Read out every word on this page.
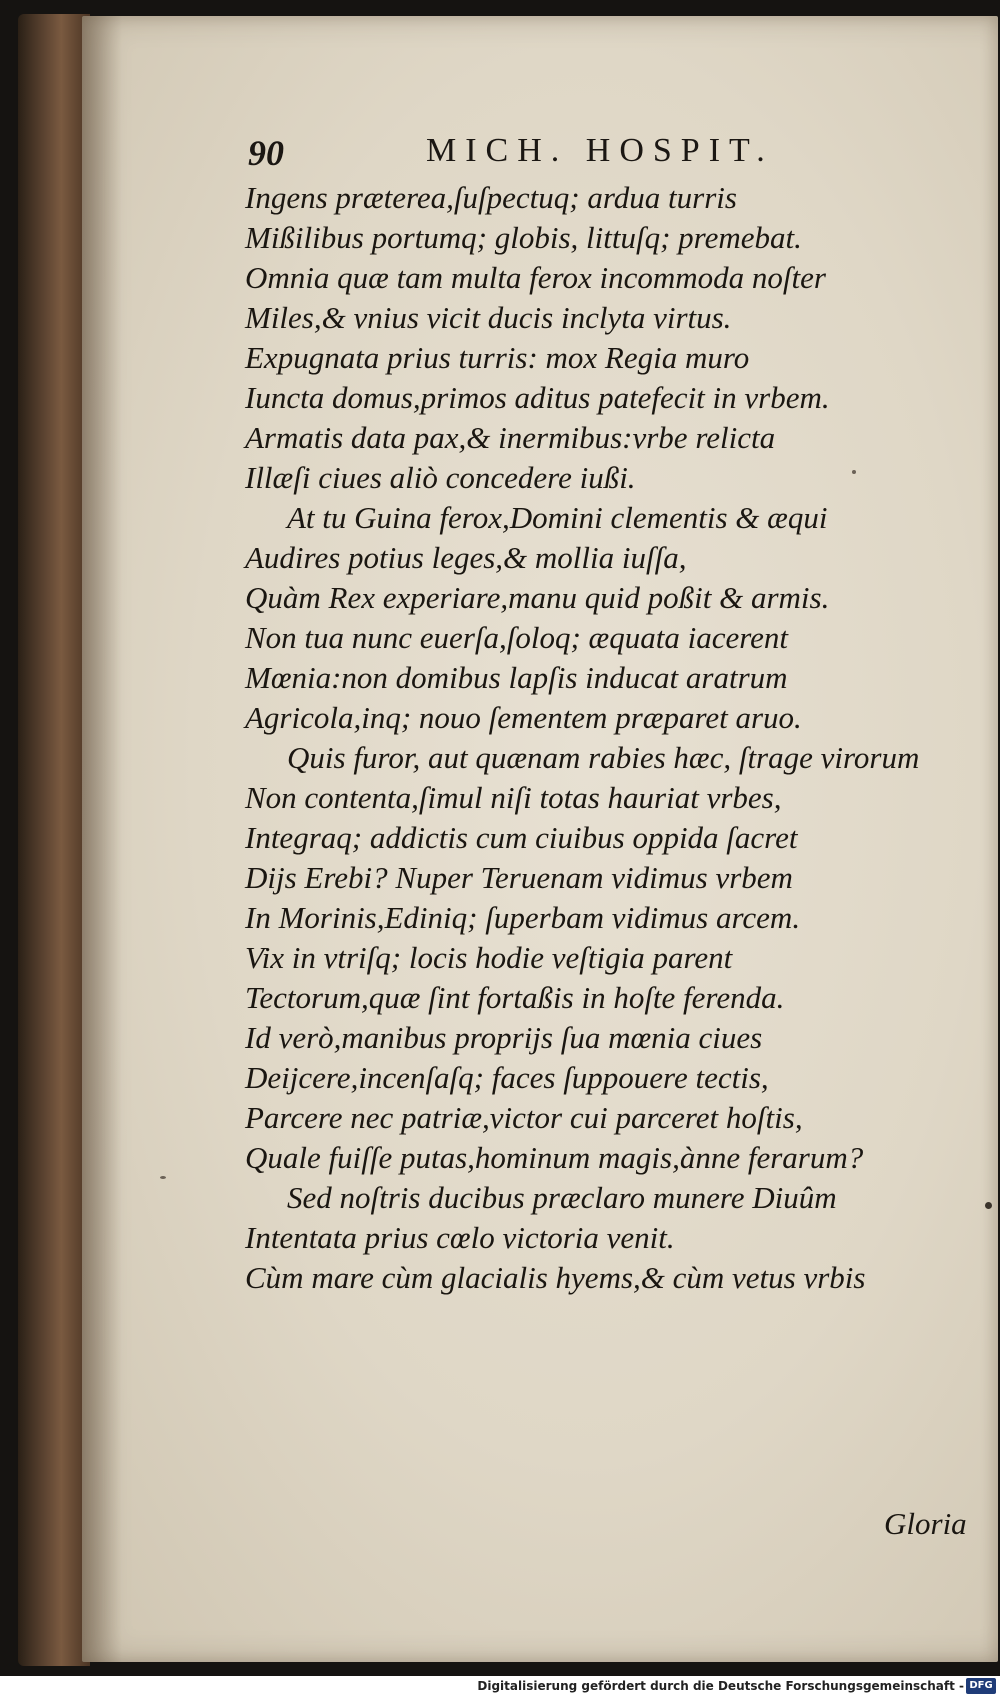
90	MICH. HOSPIT.
Ingens prӕterea,ſuſpectuq; ardua turris
Mißilibus portumq; globis, littuſq; premebat.
Omnia quӕ tam multa ferox incommoda noſter
Miles,& vnius vicit ducis inclyta virtus.
Expugnata prius turris: mox Regia muro
Iuncta domus,primos aditus patefecit in vrbem.
Armatis data pax,& inermibus:vrbe relicta
Illӕſi ciues aliò concedere iußi.
At tu Guina ferox,Domini clementis & ӕqui
Audires potius leges,& mollia iuſſa,
Quàm Rex experiare,manu quid poßit & armis.
Non tua nunc euerſa,ſoloq; ӕquata iacerent
Mœnia:non domibus lapſis inducat aratrum
Agricola,inq; nouo ſementem prӕparet aruo.
Quis furor, aut quӕnam rabies hӕc, ſtrage virorum
Non contenta,ſimul niſi totas hauriat vrbes,
Integraq; addictis cum ciuibus oppida ſacret
Dijs Erebi? Nuper Teruenam vidimus vrbem
In Morinis,Ediniq; ſuperbam vidimus arcem.
Vix in vtriſq; locis hodie veſtigia parent
Tectorum,quӕ ſint fortaßis in hoſte ferenda.
Id verò,manibus proprijs ſua mœnia ciues
Deijcere,incenſaſq; faces ſuppouere tectis,
Parcere nec patriӕ,victor cui parceret hoſtis,
Quale fuiſſe putas,hominum magis,ànne ferarum?
Sed noſtris ducibus prӕclaro munere Diuûm
Intentata prius cœlo victoria venit.
Cùm mare cùm glacialis hyems,& cùm vetus vrbis
Gloria
Digitalisierung gefördert durch die Deutsche Forschungsgemeinschaft - DFG
